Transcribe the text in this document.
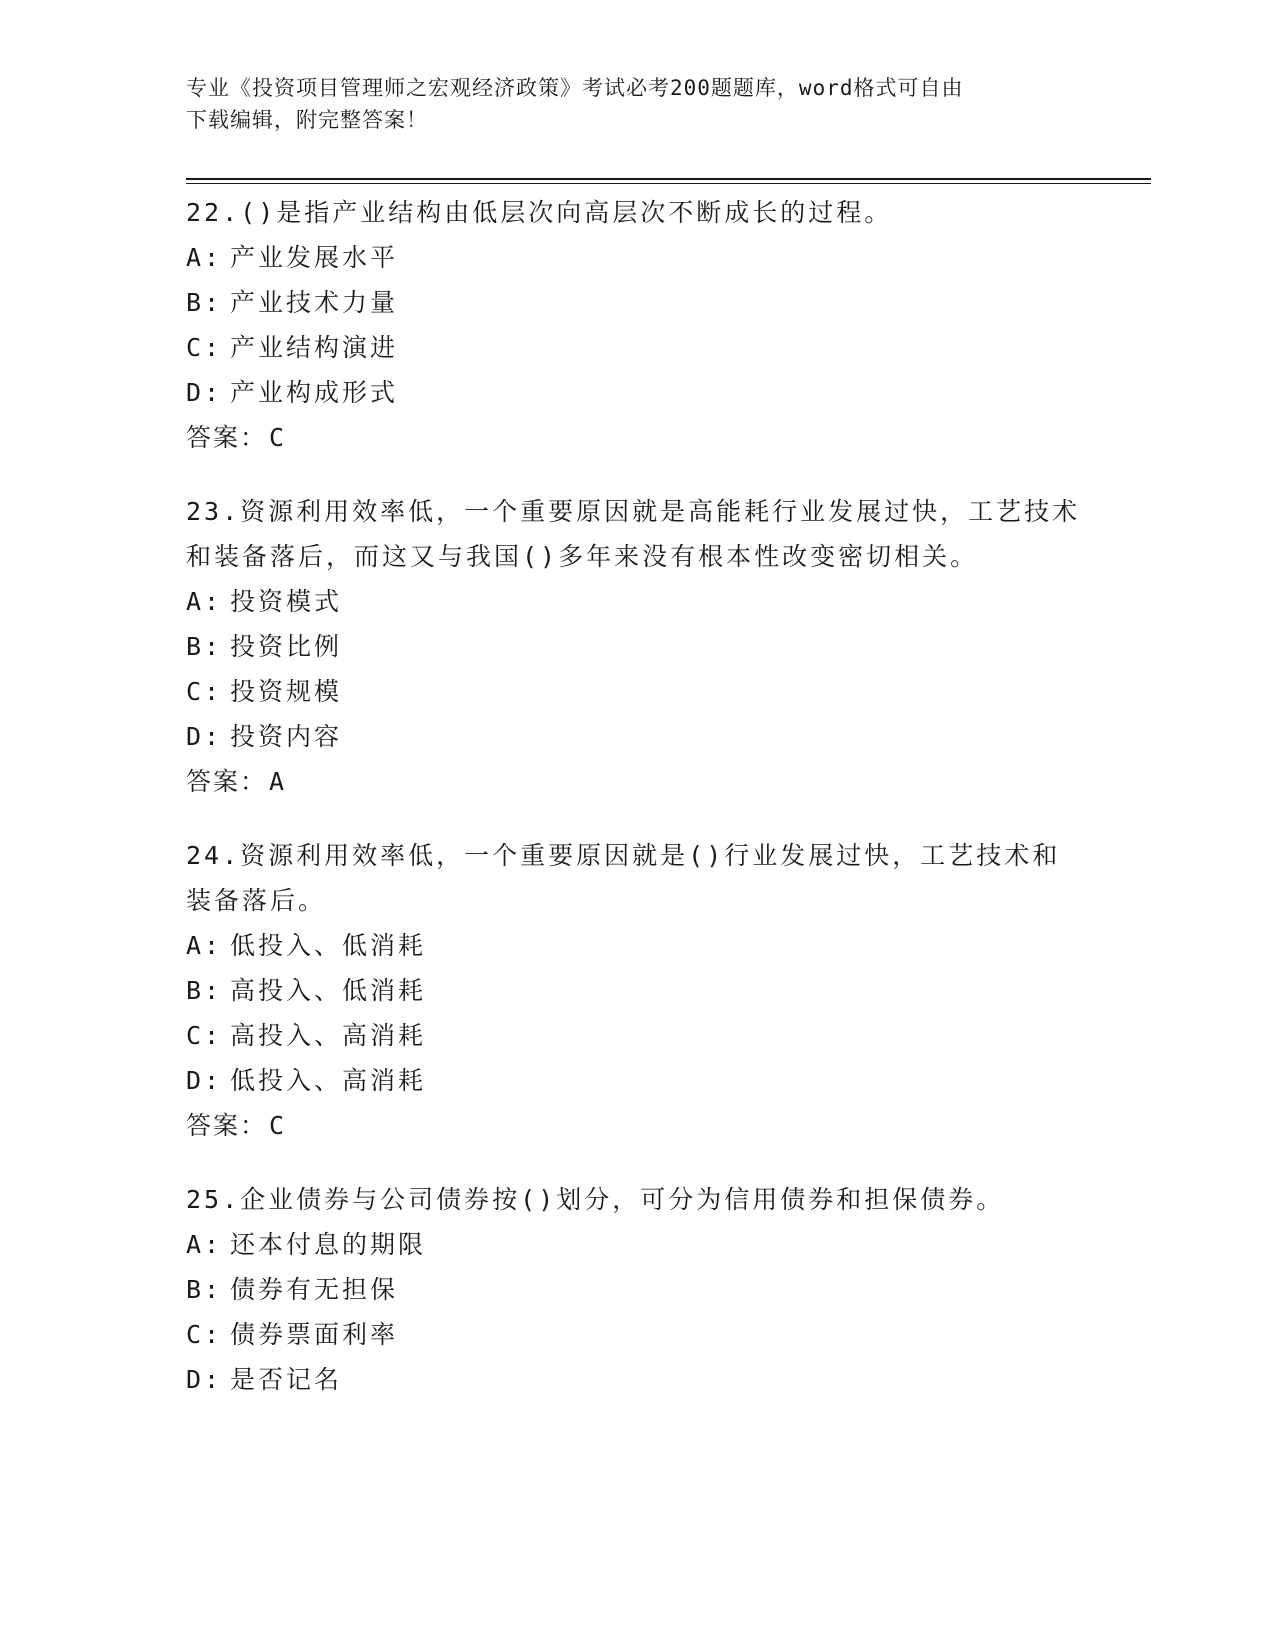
专业《投资项目管理师之宏观经济政策》考试必考200题题库，word格式可自由
下载编辑，附完整答案！
22.()是指产业结构由低层次向高层次不断成长的过程。
A: 产业发展水平
B: 产业技术力量
C: 产业结构演进
D: 产业构成形式
答案：C
23.资源利用效率低，一个重要原因就是高能耗行业发展过快，工艺技术和装备落后，而这又与我国()多年来没有根本性改变密切相关。
A: 投资模式
B: 投资比例
C: 投资规模
D: 投资内容
答案：A
24.资源利用效率低，一个重要原因就是()行业发展过快，工艺技术和装备落后。
A: 低投入、低消耗
B: 高投入、低消耗
C: 高投入、高消耗
D: 低投入、高消耗
答案：C
25.企业债券与公司债券按()划分，可分为信用债券和担保债券。
A: 还本付息的期限
B: 债券有无担保
C: 债券票面利率
D: 是否记名
